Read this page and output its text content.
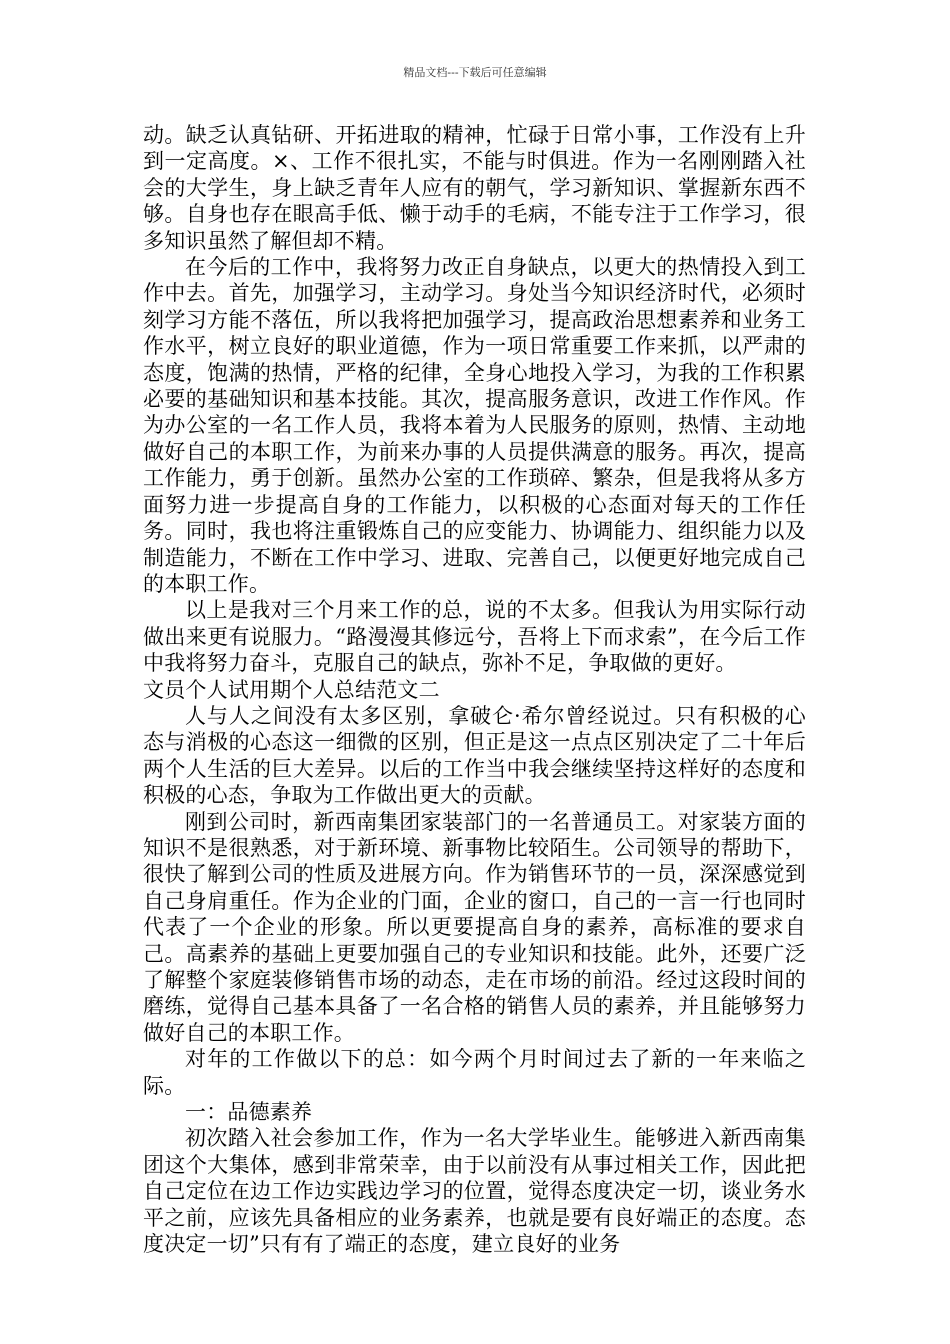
精品文档---下载后可任意编辑

动。缺乏认真钻研、开拓进取的精神，忙碌于日常小事，工作没有上升到一定高度。×、工作不很扎实，不能与时俱进。作为一名刚刚踏入社会的大学生，身上缺乏青年人应有的朝气，学习新知识、掌握新东西不够。自身也存在眼高手低、懒于动手的毛病，不能专注于工作学习，很多知识虽然了解但却不精。

在今后的工作中，我将努力改正自身缺点，以更大的热情投入到工作中去。首先，加强学习，主动学习。身处当今知识经济时代，必须时刻学习方能不落伍，所以我将把加强学习，提高政治思想素养和业务工作水平，树立良好的职业道德，作为一项日常重要工作来抓，以严肃的态度，饱满的热情，严格的纪律，全身心地投入学习，为我的工作积累必要的基础知识和基本技能。其次，提高服务意识，改进工作作风。作为办公室的一名工作人员，我将本着为人民服务的原则，热情、主动地做好自己的本职工作，为前来办事的人员提供满意的服务。再次，提高工作能力，勇于创新。虽然办公室的工作琐碎、繁杂，但是我将从多方面努力进一步提高自身的工作能力，以积极的心态面对每天的工作任务。同时，我也将注重锻炼自己的应变能力、协调能力、组织能力以及制造能力，不断在工作中学习、进取、完善自己，以便更好地完成自己的本职工作。

以上是我对三个月来工作的总，说的不太多。但我认为用实际行动做出来更有说服力。“路漫漫其修远兮，吾将上下而求索”，在今后工作中我将努力奋斗，克服自己的缺点，弥补不足，争取做的更好。

文员个人试用期个人总结范文二

人与人之间没有太多区别，拿破仑·希尔曾经说过。只有积极的心态与消极的心态这一细微的区别，但正是这一点点区别决定了二十年后两个人生活的巨大差异。以后的工作当中我会继续坚持这样好的态度和积极的心态，争取为工作做出更大的贡献。

刚到公司时，新西南集团家装部门的一名普通员工。对家装方面的知识不是很熟悉，对于新环境、新事物比较陌生。公司领导的帮助下，很快了解到公司的性质及进展方向。作为销售环节的一员，深深感觉到自己身肩重任。作为企业的门面，企业的窗口，自己的一言一行也同时代表了一个企业的形象。所以更要提高自身的素养，高标准的要求自己。高素养的基础上更要加强自己的专业知识和技能。此外，还要广泛了解整个家庭装修销售市场的动态，走在市场的前沿。经过这段时间的磨练，觉得自己基本具备了一名合格的销售人员的素养，并且能够努力做好自己的本职工作。

对年的工作做以下的总：如今两个月时间过去了新的一年来临之际。

一：品德素养

初次踏入社会参加工作，作为一名大学毕业生。能够进入新西南集团这个大集体，感到非常荣幸，由于以前没有从事过相关工作，因此把自己定位在边工作边实践边学习的位置，觉得态度决定一切，谈业务水平之前，应该先具备相应的业务素养，也就是要有良好端正的态度。态度决定一切”只有有了端正的态度，建立良好的业务
